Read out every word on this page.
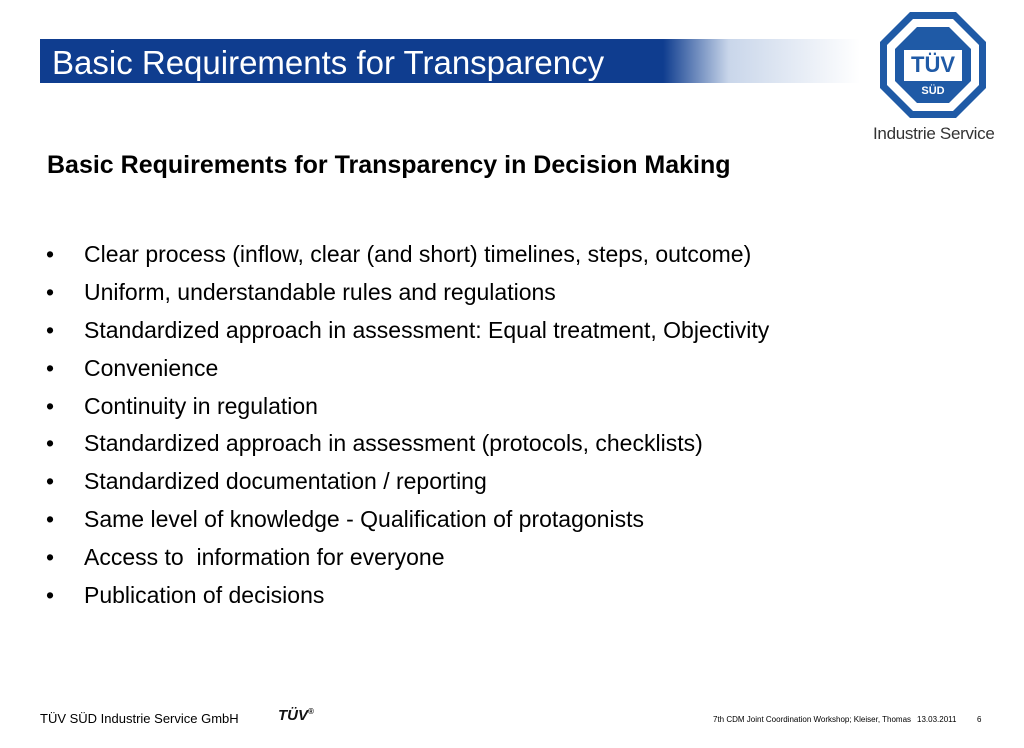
Basic Requirements for Transparency	TÜV
SÜD
Industrie Service
Basic Requirements for Transparency in Decision Making
•	Clear process (inflow, clear (and short) timelines, steps, outcome)
•	Uniform, understandable rules and regulations
•	Standardized approach in assessment: Equal treatment, Objectivity
•	Convenience
•	Continuity in regulation
•	Standardized approach in assessment (protocols, checklists)
•	Standardized documentation / reporting
•	Same level of knowledge - Qualification of protagonists
•	Access to  information for everyone
•	Publication of decisions
TÜV SÜD Industrie Service GmbH	TÜV®
7th CDM Joint Coordination Workshop; Kleiser, Thomas 13.03.2011	6
